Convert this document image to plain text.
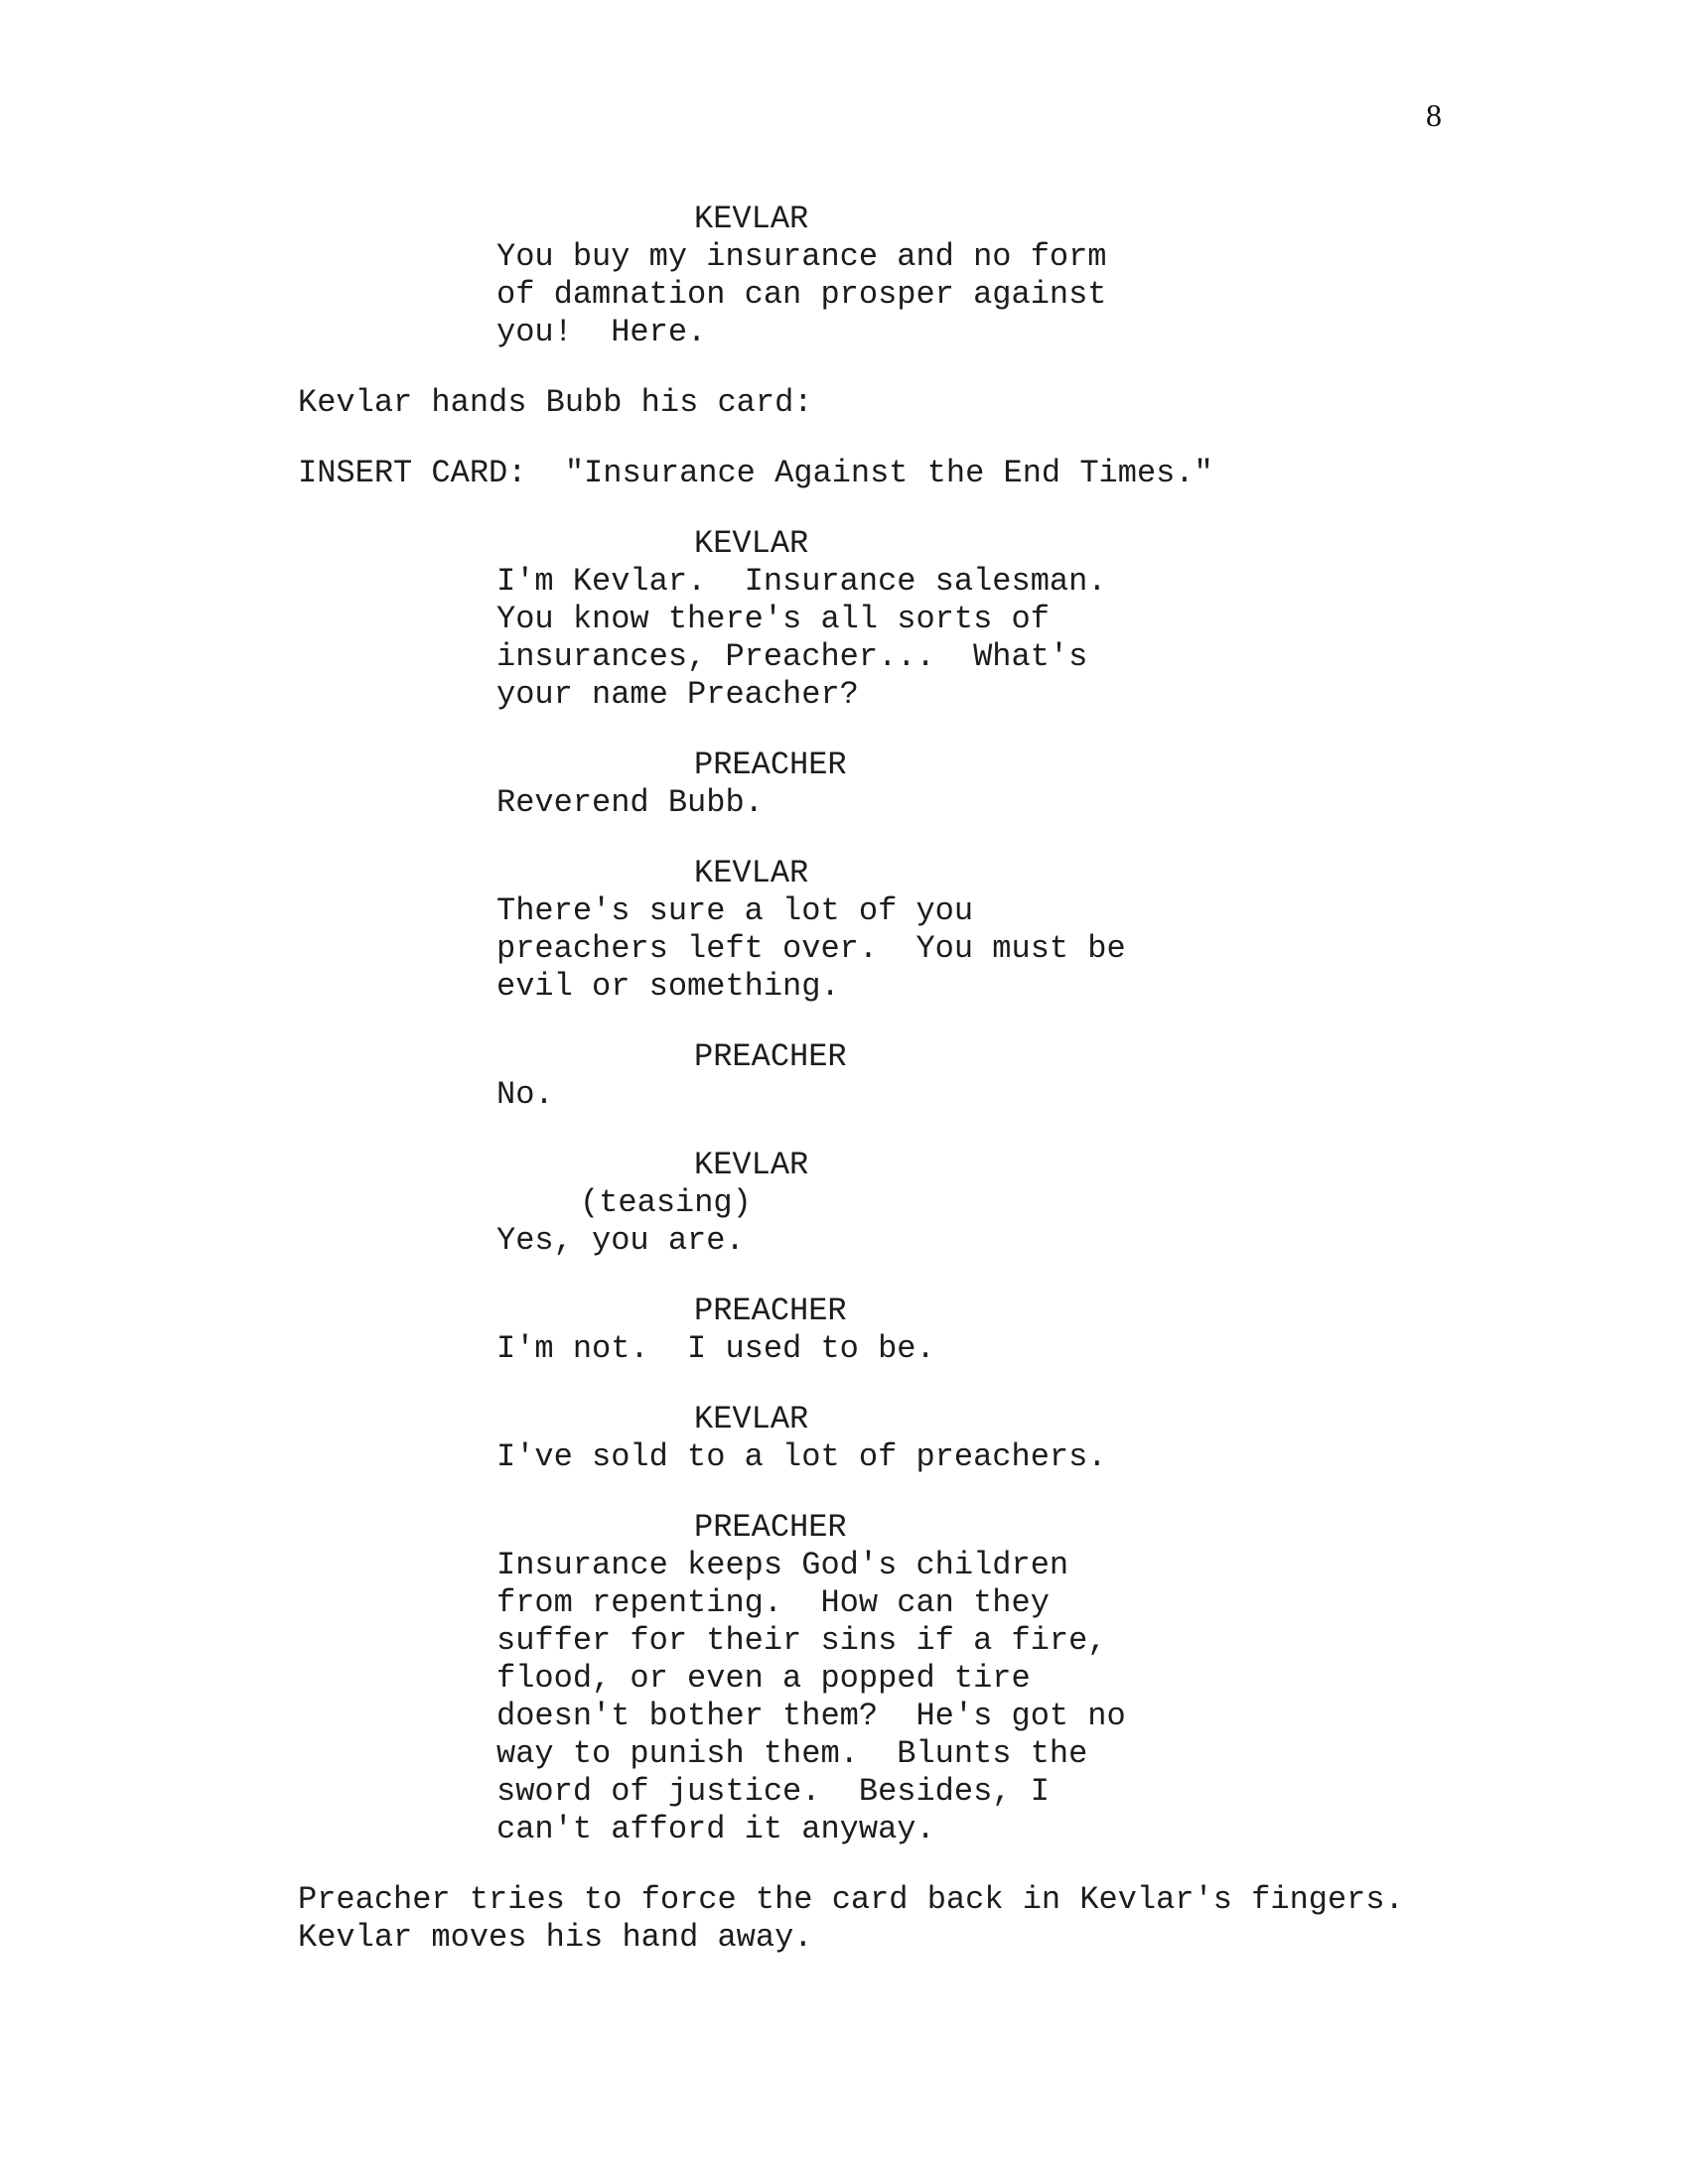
8
KEVLAR
You buy my insurance and no form
of damnation can prosper against
you!  Here.
Kevlar hands Bubb his card:
INSERT CARD:  "Insurance Against the End Times."
KEVLAR
I'm Kevlar.  Insurance salesman.
You know there's all sorts of
insurances, Preacher...  What's
your name Preacher?
PREACHER
Reverend Bubb.
KEVLAR
There's sure a lot of you
preachers left over.  You must be
evil or something.
PREACHER
No.
KEVLAR
(teasing)
Yes, you are.
PREACHER
I'm not.  I used to be.
KEVLAR
I've sold to a lot of preachers.
PREACHER
Insurance keeps God's children
from repenting.  How can they
suffer for their sins if a fire,
flood, or even a popped tire
doesn't bother them?  He's got no
way to punish them.  Blunts the
sword of justice.  Besides, I
can't afford it anyway.
Preacher tries to force the card back in Kevlar's fingers.
Kevlar moves his hand away.
